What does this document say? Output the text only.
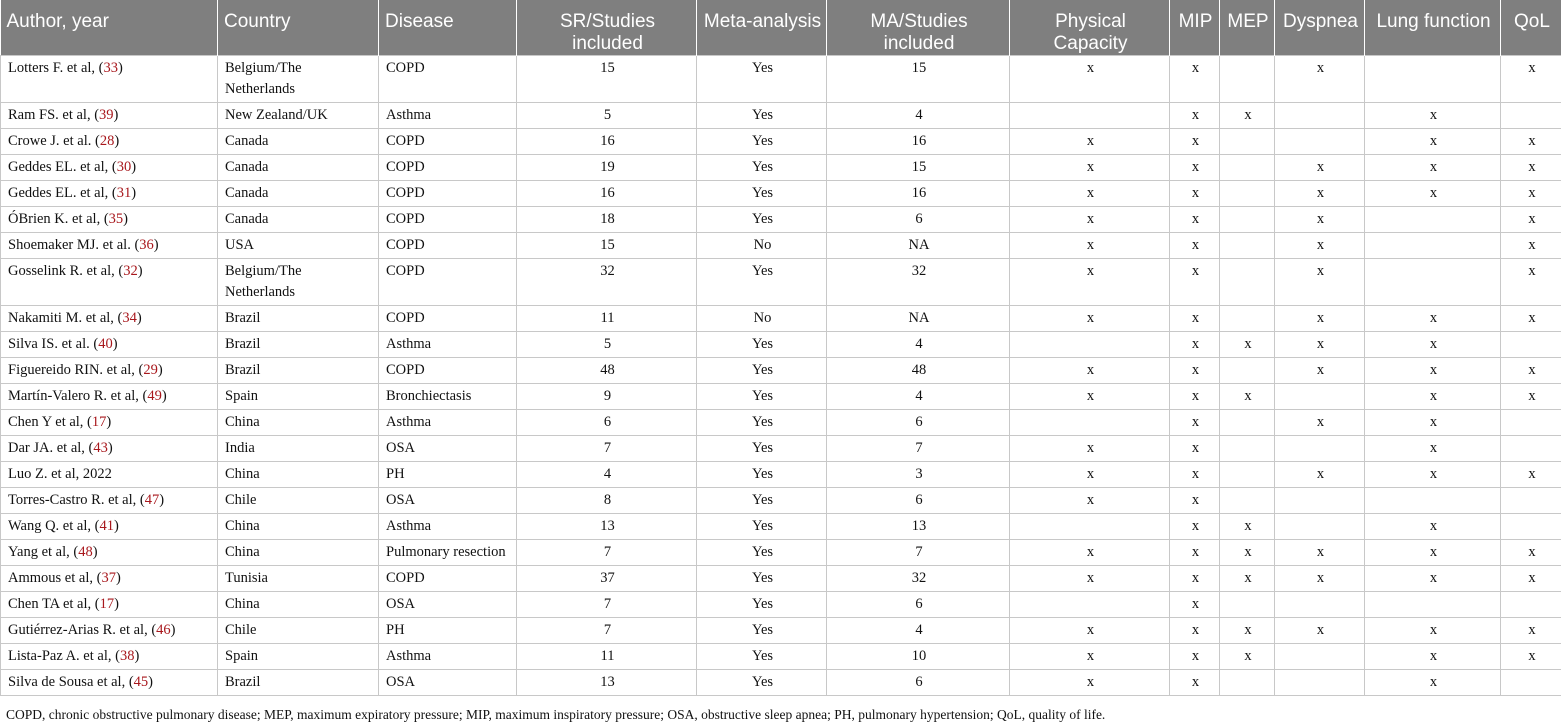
Author, year	Country	Disease	SR/Studies included	Meta-analysis	MA/Studies included	Physical Capacity	MIP	MEP	Dyspnea	Lung function	QoL
Lotters F. et al, (33)	Belgium/The Netherlands	COPD	15	Yes	15	x	x		x		x
Ram FS. et al, (39)	New Zealand/UK	Asthma	5	Yes	4		x	x		x	
Crowe J. et al. (28)	Canada	COPD	16	Yes	16	x	x			x	x
Geddes EL. et al, (30)	Canada	COPD	19	Yes	15	x	x		x	x	x
Geddes EL. et al, (31)	Canada	COPD	16	Yes	16	x	x		x	x	x
ÓBrien K. et al, (35)	Canada	COPD	18	Yes	6	x	x		x		x
Shoemaker MJ. et al. (36)	USA	COPD	15	No	NA	x	x		x		x
Gosselink R. et al, (32)	Belgium/The Netherlands	COPD	32	Yes	32	x	x		x		x
Nakamiti M. et al, (34)	Brazil	COPD	11	No	NA	x	x		x	x	x
Silva IS. et al. (40)	Brazil	Asthma	5	Yes	4		x	x	x	x	
Figuereido RIN. et al, (29)	Brazil	COPD	48	Yes	48	x	x		x	x	x
Martín-Valero R. et al, (49)	Spain	Bronchiectasis	9	Yes	4	x	x	x		x	x
Chen Y et al, (17)	China	Asthma	6	Yes	6		x		x	x	
Dar JA. et al, (43)	India	OSA	7	Yes	7	x	x			x	
Luo Z. et al, 2022	China	PH	4	Yes	3	x	x		x	x	x
Torres-Castro R. et al, (47)	Chile	OSA	8	Yes	6	x	x				
Wang Q. et al, (41)	China	Asthma	13	Yes	13		x	x		x	
Yang et al, (48)	China	Pulmonary resection	7	Yes	7	x	x	x	x	x	x
Ammous et al, (37)	Tunisia	COPD	37	Yes	32	x	x	x	x	x	x
Chen TA et al, (17)	China	OSA	7	Yes	6		x				
Gutiérrez-Arias R. et al, (46)	Chile	PH	7	Yes	4	x	x	x	x	x	x
Lista-Paz A. et al, (38)	Spain	Asthma	11	Yes	10	x	x	x		x	x
Silva de Sousa et al, (45)	Brazil	OSA	13	Yes	6	x	x			x	
COPD, chronic obstructive pulmonary disease; MEP, maximum expiratory pressure; MIP, maximum inspiratory pressure; OSA, obstructive sleep apnea; PH, pulmonary hypertension; QoL, quality of life.
